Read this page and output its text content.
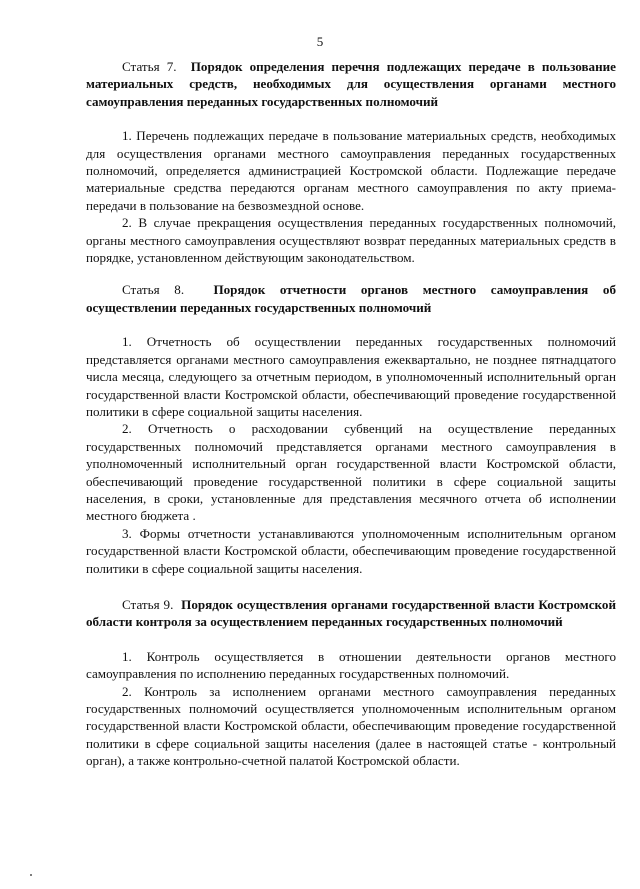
5

Статья 7. Порядок определения перечня подлежащих передаче в пользование материальных средств, необходимых для осуществления органами местного самоуправления переданных государственных полномочий

1. Перечень подлежащих передаче в пользование материальных средств, необходимых для осуществления органами местного самоуправления переданных государственных полномочий, определяется администрацией Костромской области. Подлежащие передаче материальные средства передаются органам местного самоуправления по акту приема-передачи в пользование на безвозмездной основе.

2. В случае прекращения осуществления переданных государственных полномочий, органы местного самоуправления осуществляют возврат переданных материальных средств в порядке, установленном действующим законодательством.

Статья 8. Порядок отчетности органов местного самоуправления об осуществлении переданных государственных полномочий

1. Отчетность об осуществлении переданных государственных полномочий представляется органами местного самоуправления ежеквартально, не позднее пятнадцатого числа месяца, следующего за отчетным периодом, в уполномоченный исполнительный орган государственной власти Костромской области, обеспечивающий проведение государственной политики в сфере социальной защиты населения.

2. Отчетность о расходовании субвенций на осуществление переданных государственных полномочий представляется органами местного самоуправления в уполномоченный исполнительный орган государственной власти Костромской области, обеспечивающий проведение государственной политики в сфере социальной защиты населения, в сроки, установленные для представления месячного отчета об исполнении местного бюджета .

3. Формы отчетности устанавливаются уполномоченным исполнительным органом государственной власти Костромской области, обеспечивающим проведение государственной политики в сфере социальной защиты населения.

Статья 9. Порядок осуществления органами государственной власти Костромской области контроля за осуществлением переданных государственных полномочий

1. Контроль осуществляется в отношении деятельности органов местного самоуправления по исполнению переданных государственных полномочий.

2. Контроль за исполнением органами местного самоуправления переданных государственных полномочий осуществляется уполномоченным исполнительным органом государственной власти Костромской области, обеспечивающим проведение государственной политики в сфере социальной защиты населения (далее в настоящей статье - контрольный орган), а также контрольно-счетной палатой Костромской области.
